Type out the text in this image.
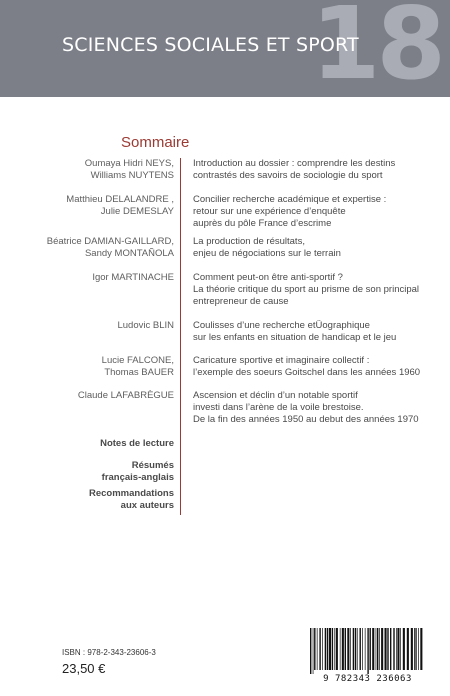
18
SCIENCES SOCIALES ET SPORT
Sommaire
Oumaya Hidri NEYS,
Williams NUYTENS
Introduction au dossier : comprendre les destins
contrastés des savoirs de sociologie du sport
Matthieu DELALANDRE ,
Julie DEMESLAY
Concilier recherche académique et expertise :
retour sur une expérience d’enquête
auprès du pôle France d’escrime
Béatrice DAMIAN-GAILLARD,
Sandy MONTAÑOLA
La production de résultats,
enjeu de négociations sur le terrain
Igor MARTINACHE Comment peut-on être anti-sportif ?
La théorie critique du sport au prisme de son principal
entrepreneur de cause
Ludovic BLIN Coulisses d’une recherche etÜographique
sur les enfants en situation de handicap et le jeu
Lucie FALCONE,
Thomas BAUER
Caricature sportive et imaginaire collectif :
l’exemple des soeurs Goitschel dans les années 1960
Claude LAFABRÈGUE Ascension et déclin d’un notable sportif
investi dans l’arène de la voile brestoise.
De la fin des années 1950 au debut des années 1970
Notes de lecture
Résumés
français-anglais
Recommandations
aux auteurs
ISBN : 978-2-343-23606-3
23,50 €
9 782343 236063
